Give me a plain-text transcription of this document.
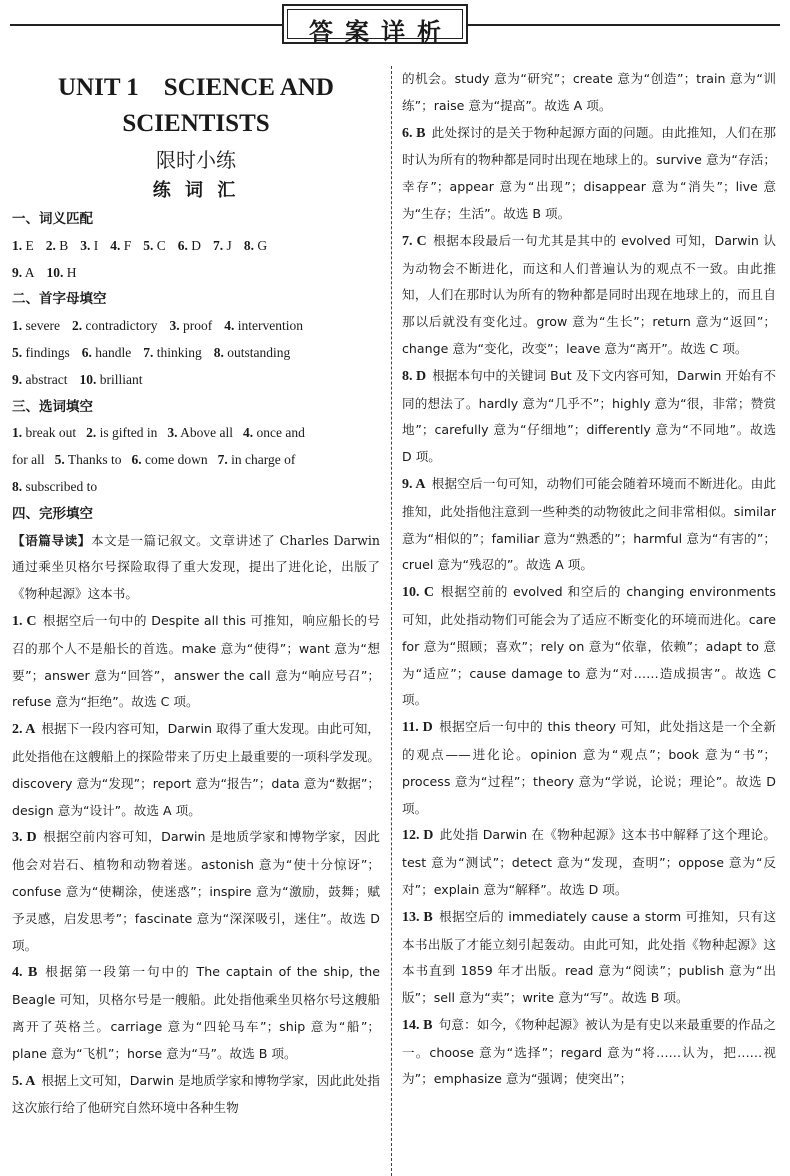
答案详析
UNIT 1    SCIENCE AND
SCIENTISTS
限时小练
练 词 汇
一、词义匹配
1. E 2. B 3. I 4. F 5. C 6. D 7. J 8. G
9. A 10. H
二、首字母填空
1. severe 2. contradictory 3. proof 4. intervention
5. findings 6. handle 7. thinking 8. outstanding
9. abstract 10. brilliant
三、选词填空
1. break out 2. is gifted in 3. Above all 4. once and
for all 5. Thanks to 6. come down 7. in charge of
8. subscribed to
四、完形填空

【语篇导读】本文是一篇记叙文。文章讲述了 Charles Darwin 通过乘坐贝格尔号探险取得了重大发现，提出了进化论，出版了《物种起源》这本书。

1. C 根据空后一句中的 Despite all this 可推知，响应船长的号召的那个人不是船长的首选。make 意为“使得”；want 意为“想要”；answer 意为“回答”，answer the call 意为“响应号召”；refuse 意为“拒绝”。故选 C 项。

2. A 根据下一段内容可知，Darwin 取得了重大发现。由此可知，此处指他在这艘船上的探险带来了历史上最重要的一项科学发现。discovery 意为“发现”；report 意为“报告”；data 意为“数据”；design 意为“设计”。故选 A 项。

3. D 根据空前内容可知，Darwin 是地质学家和博物学家，因此他会对岩石、植物和动物着迷。astonish 意为“使十分惊讶”；confuse 意为“使糊涂，使迷惑”；inspire 意为“激励，鼓舞；赋予灵感，启发思考”；fascinate 意为“深深吸引，迷住”。故选 D 项。

4. B 根据第一段第一句中的 The captain of the ship, the Beagle 可知，贝格尔号是一艘船。此处指他乘坐贝格尔号这艘船离开了英格兰。carriage 意为“四轮马车”；ship 意为“船”；plane 意为“飞机”；horse 意为“马”。故选 B 项。

5. A 根据上文可知，Darwin 是地质学家和博物学家，因此此处指这次旅行给了他研究自然环境中各种生物

的机会。study 意为“研究”；create 意为“创造”；train 意为“训练”；raise 意为“提高”。故选 A 项。

6. B 此处探讨的是关于物种起源方面的问题。由此推知，人们在那时认为所有的物种都是同时出现在地球上的。survive 意为“存活；幸存”；appear 意为“出现”；disappear 意为“消失”；live 意为“生存；生活”。故选 B 项。

7. C 根据本段最后一句尤其是其中的 evolved 可知，Darwin 认为动物会不断进化，而这和人们普遍认为的观点不一致。由此推知，人们在那时认为所有的物种都是同时出现在地球上的，而且自那以后就没有变化过。grow 意为“生长”；return 意为“返回”；change 意为“变化，改变”；leave 意为“离开”。故选 C 项。

8. D 根据本句中的关键词 But 及下文内容可知，Darwin 开始有不同的想法了。hardly 意为“几乎不”；highly 意为“很，非常；赞赏地”；carefully 意为“仔细地”；differently 意为“不同地”。故选 D 项。

9. A 根据空后一句可知，动物们可能会随着环境而不断进化。由此推知，此处指他注意到一些种类的动物彼此之间非常相似。similar 意为“相似的”；familiar 意为“熟悉的”；harmful 意为“有害的”；cruel 意为“残忍的”。故选 A 项。

10. C 根据空前的 evolved 和空后的 changing environments 可知，此处指动物们可能会为了适应不断变化的环境而进化。care for 意为“照顾；喜欢”；rely on 意为“依靠，依赖”；adapt to 意为“适应”；cause damage to 意为“对……造成损害”。故选 C 项。

11. D 根据空后一句中的 this theory 可知，此处指这是一个全新的观点——进化论。opinion 意为“观点”；book 意为“书”；process 意为“过程”；theory 意为“学说，论说；理论”。故选 D 项。

12. D 此处指 Darwin 在《物种起源》这本书中解释了这个理论。test 意为“测试”；detect 意为“发现，查明”；oppose 意为“反对”；explain 意为“解释”。故选 D 项。

13. B 根据空后的 immediately cause a storm 可推知，只有这本书出版了才能立刻引起轰动。由此可知，此处指《物种起源》这本书直到 1859 年才出版。read 意为“阅读”；publish 意为“出版”；sell 意为“卖”；write 意为“写”。故选 B 项。

14. B 句意：如今，《物种起源》被认为是有史以来最重要的作品之一。choose 意为“选择”；regard 意为“将……认为，把……视为”；emphasize 意为“强调；使突出”；
